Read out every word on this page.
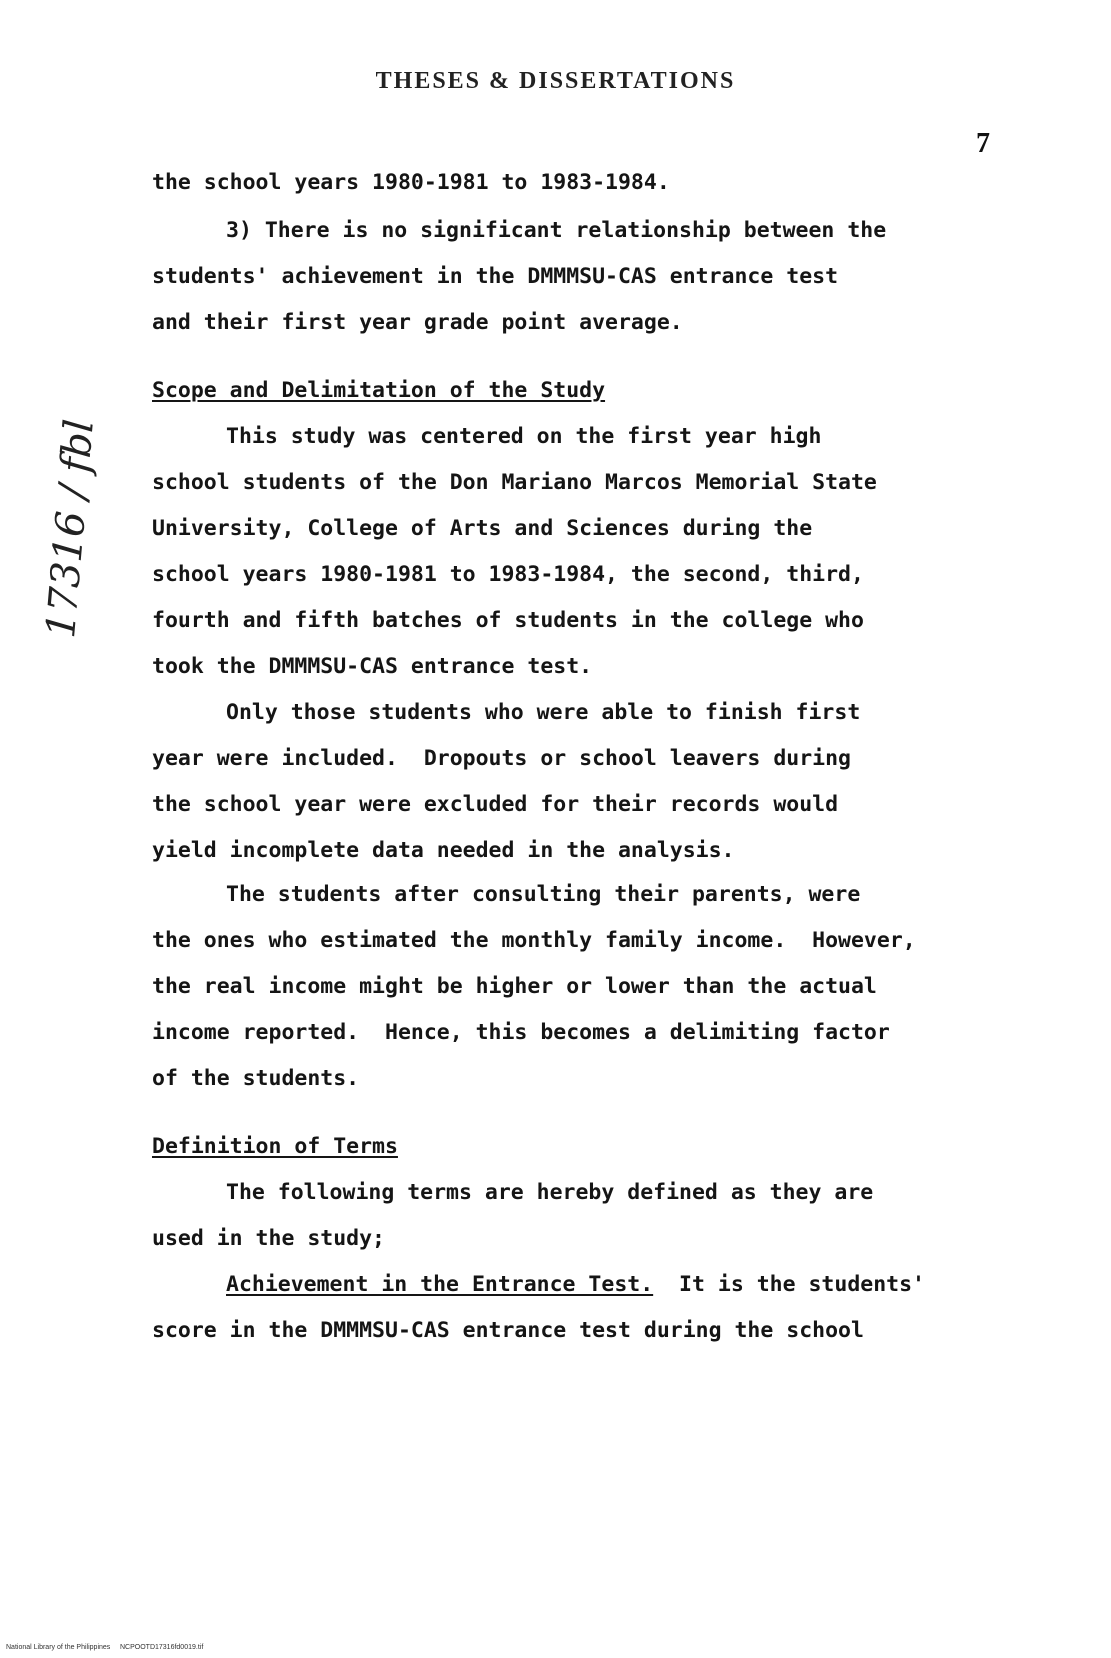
THESES & DISSERTATIONS
7
17316 / fbl
the school years 1980-1981 to 1983-1984.
3) There is no significant relationship between the
students' achievement in the DMMMSU-CAS entrance test
and their first year grade point average.
Scope and Delimitation of the Study
This study was centered on the first year high
school students of the Don Mariano Marcos Memorial State
University, College of Arts and Sciences during the
school years 1980-1981 to 1983-1984, the second, third,
fourth and fifth batches of students in the college who
took the DMMMSU-CAS entrance test.
Only those students who were able to finish first
year were included.  Dropouts or school leavers during
the school year were excluded for their records would
yield incomplete data needed in the analysis.
The students after consulting their parents, were
the ones who estimated the monthly family income.  However,
the real income might be higher or lower than the actual
income reported.  Hence, this becomes a delimiting factor
of the students.
Definition of Terms
The following terms are hereby defined as they are
used in the study;
Achievement in the Entrance Test.  It is the students'
score in the DMMMSU-CAS entrance test during the school
National Library of the Philippines     NCPOOTD17316fd0019.tif
